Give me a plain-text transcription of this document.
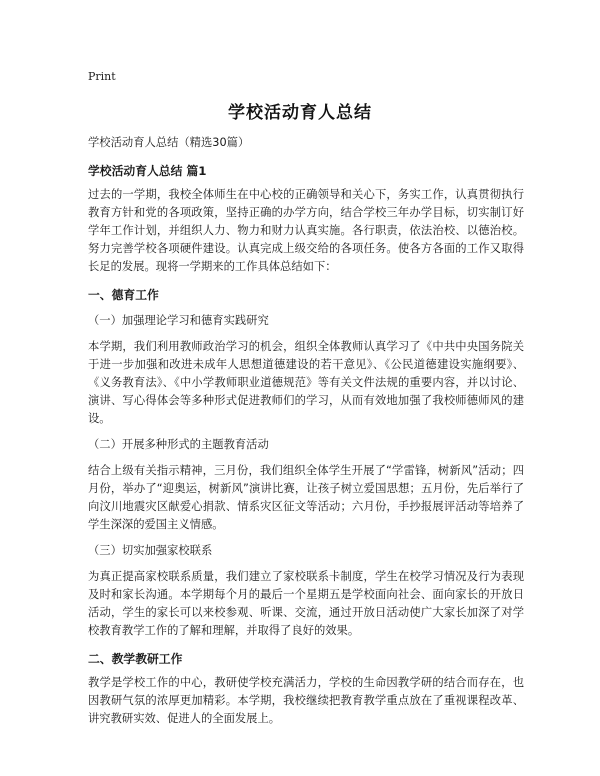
Print
学校活动育人总结

学校活动育人总结（精选30篇）

学校活动育人总结 篇1

过去的一学期，我校全体师生在中心校的正确领导和关心下，务实工作，认真贯彻执行教育方针和党的各项政策，坚持正确的办学方向，结合学校三年办学目标，切实制订好学年工作计划，并组织人力、物力和财力认真实施。各行职责，依法治校、以德治校。努力完善学校各项硬件建设。认真完成上级交给的各项任务。使各方各面的工作又取得长足的发展。现将一学期来的工作具体总结如下：

一、德育工作

（一）加强理论学习和德育实践研究

本学期，我们利用教师政治学习的机会，组织全体教师认真学习了《中共中央国务院关于进一步加强和改进未成年人思想道德建设的若干意见》、《公民道德建设实施纲要》、《义务教育法》、《中小学教师职业道德规范》等有关文件法规的重要内容，并以讨论、演讲、写心得体会等多种形式促进教师们的学习，从而有效地加强了我校师德师风的建设。

（二）开展多种形式的主题教育活动

结合上级有关指示精神，三月份，我们组织全体学生开展了“学雷锋，树新风”活动；四月份，举办了“迎奥运，树新风”演讲比赛，让孩子树立爱国思想；五月份，先后举行了向汶川地震灾区献爱心捐款、情系灾区征文等活动；六月份，手抄报展评活动等培养了学生深深的爱国主义情感。

（三）切实加强家校联系

为真正提高家校联系质量，我们建立了家校联系卡制度，学生在校学习情况及行为表现及时和家长沟通。本学期每个月的最后一个星期五是学校面向社会、面向家长的开放日活动，学生的家长可以来校参观、听课、交流，通过开放日活动使广大家长加深了对学校教育教学工作的了解和理解，并取得了良好的效果。

二、教学教研工作

教学是学校工作的中心，教研使学校充满活力，学校的生命因教学研的结合而存在，也因教研气氛的浓厚更加精彩。本学期，我校继续把教育教学重点放在了重视课程改革、讲究教研实效、促进人的全面发展上。
